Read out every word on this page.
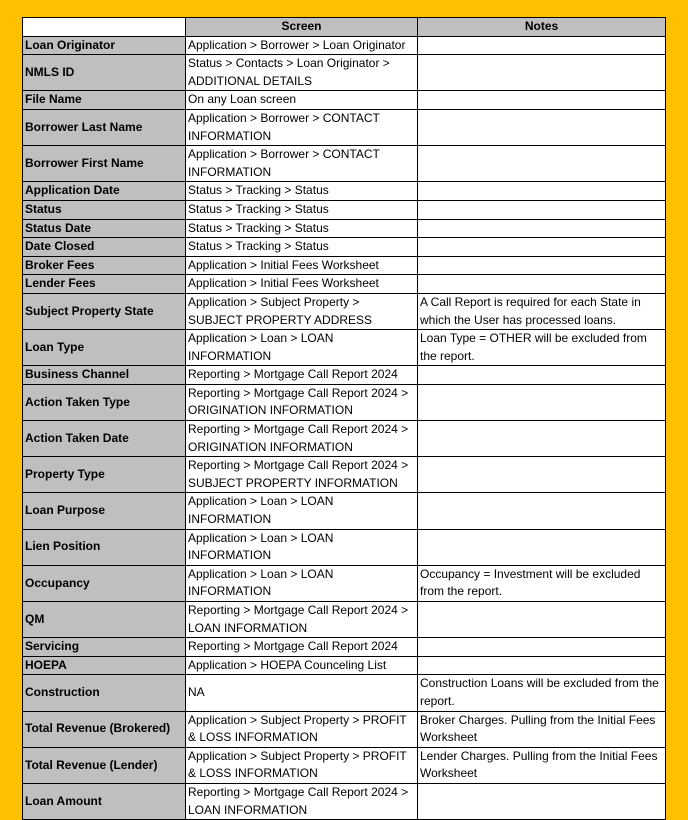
	Screen	Notes
Loan Originator	Application > Borrower > Loan Originator	
NMLS ID	Status > Contacts > Loan Originator > ADDITIONAL DETAILS	
File Name	On any Loan screen	
Borrower Last Name	Application > Borrower > CONTACT INFORMATION	
Borrower First Name	Application > Borrower > CONTACT INFORMATION	
Application Date	Status > Tracking > Status	
Status	Status > Tracking > Status	
Status Date	Status > Tracking > Status	
Date Closed	Status > Tracking > Status	
Broker Fees	Application > Initial Fees Worksheet	
Lender Fees	Application > Initial Fees Worksheet	
Subject Property State	Application > Subject Property > SUBJECT PROPERTY ADDRESS	A Call Report is required for each State in which the User has processed loans.
Loan Type	Application > Loan > LOAN INFORMATION	Loan Type = OTHER will be excluded from the report.
Business Channel	Reporting > Mortgage Call Report 2024	
Action Taken Type	Reporting > Mortgage Call Report 2024 > ORIGINATION INFORMATION	
Action Taken Date	Reporting > Mortgage Call Report 2024 > ORIGINATION INFORMATION	
Property Type	Reporting > Mortgage Call Report 2024 > SUBJECT PROPERTY INFORMATION	
Loan Purpose	Application > Loan > LOAN INFORMATION	
Lien Position	Application > Loan > LOAN INFORMATION	
Occupancy	Application > Loan > LOAN INFORMATION	Occupancy = Investment will be excluded from the report.
QM	Reporting > Mortgage Call Report 2024 > LOAN INFORMATION	
Servicing	Reporting > Mortgage Call Report 2024	
HOEPA	Application > HOEPA Counceling List	
Construction	NA	Construction Loans will be excluded from the report.
Total Revenue (Brokered)	Application > Subject Property > PROFIT & LOSS INFORMATION	Broker Charges. Pulling from the Initial Fees Worksheet
Total Revenue (Lender)	Application > Subject Property > PROFIT & LOSS INFORMATION	Lender Charges. Pulling from the Initial Fees Worksheet
Loan Amount	Reporting > Mortgage Call Report 2024 > LOAN INFORMATION	
